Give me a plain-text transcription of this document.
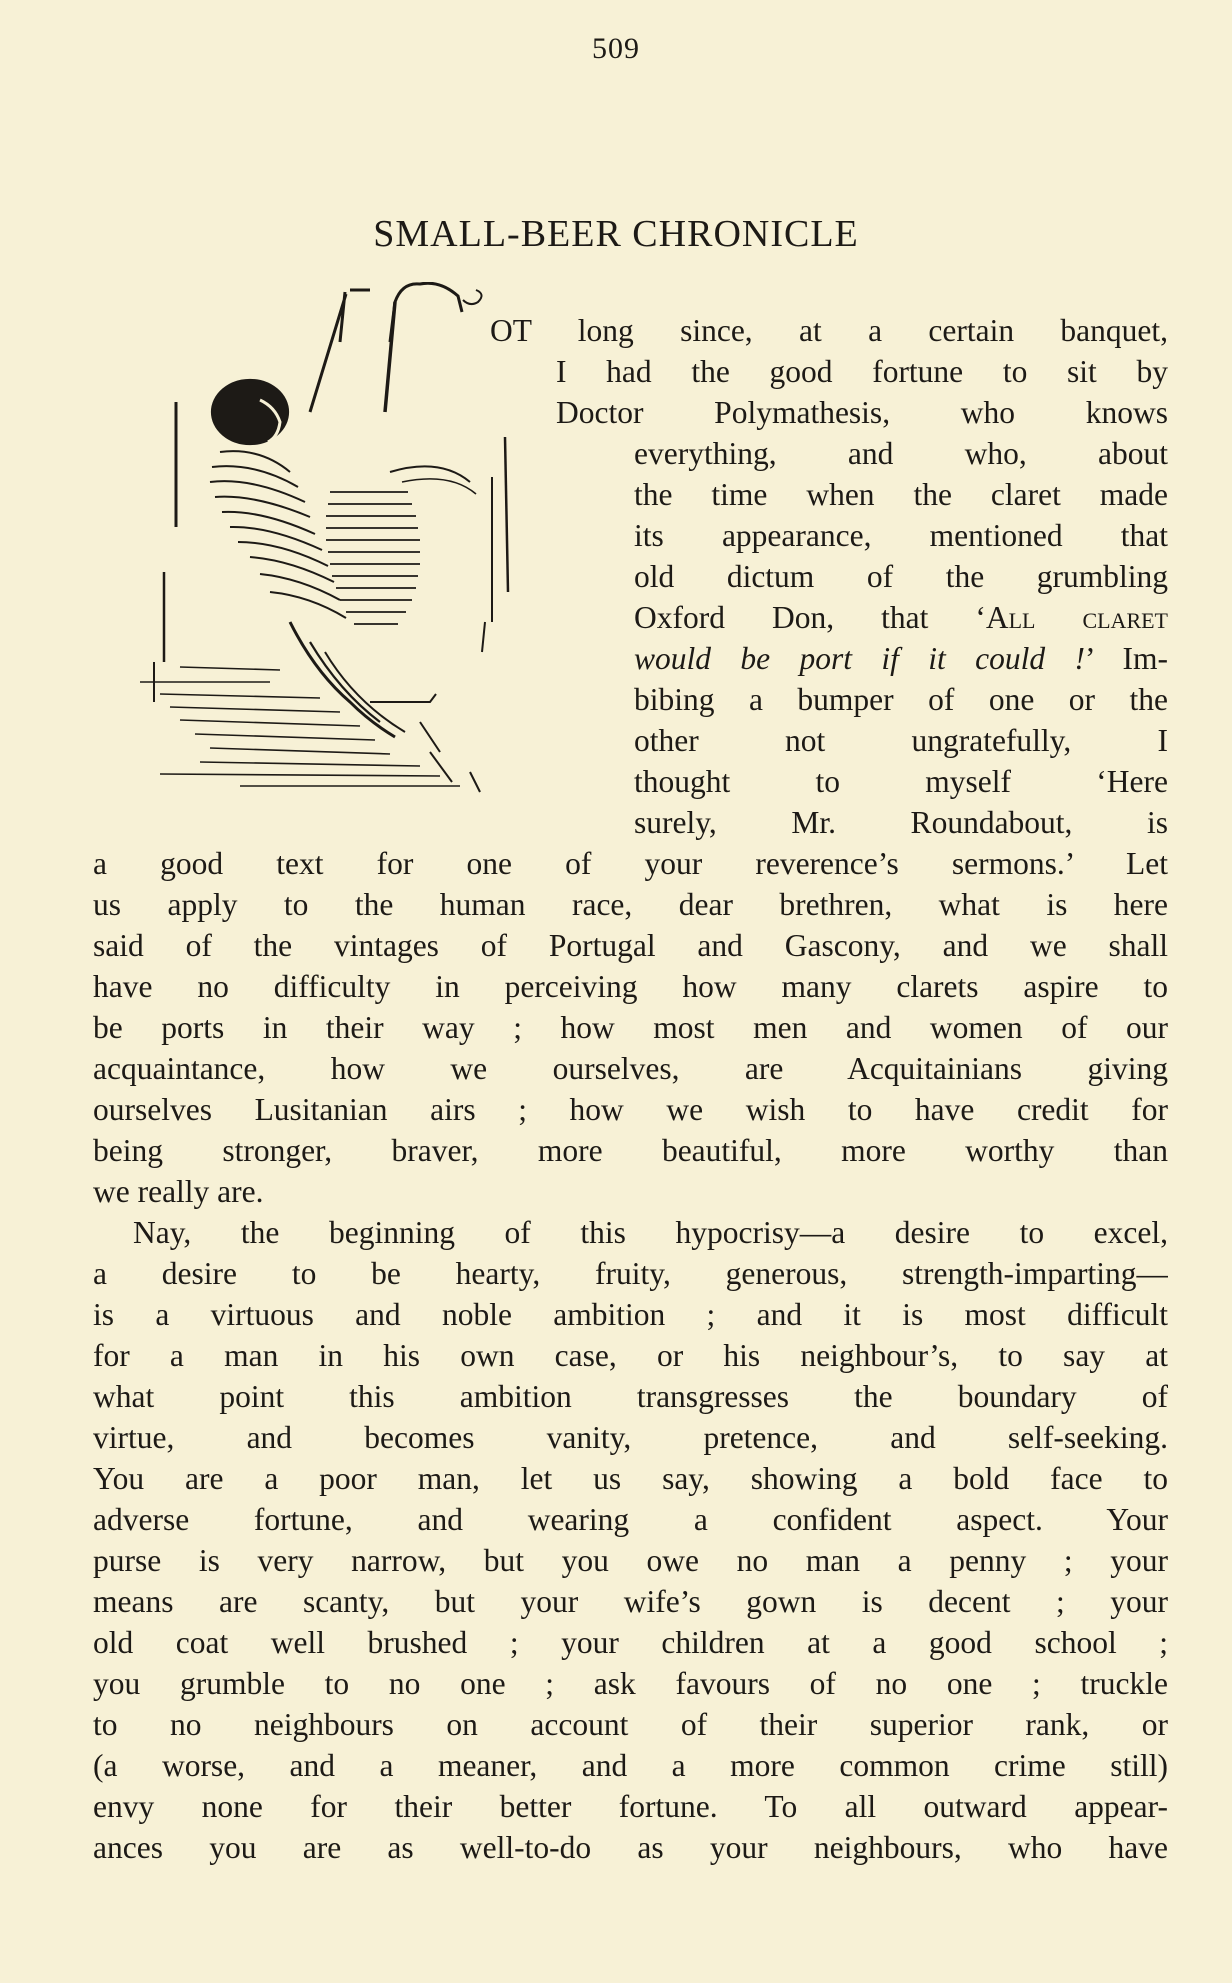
509
SMALL-BEER CHRONICLE
OT long since, at a certain banquet,
I had the good fortune to sit by
Doctor Polymathesis, who knows
everything, and who, about
the time when the claret made
its appearance, mentioned that
old dictum of the grumbling
Oxford Don, that ‘All claret
would be port if it could !’ Im-
bibing a bumper of one or the
other not ungratefully, I
thought to myself ‘Here
surely, Mr. Roundabout, is
a good text for one of your reverence’s sermons.’ Let
us apply to the human race, dear brethren, what is here
said of the vintages of Portugal and Gascony, and we shall
have no difficulty in perceiving how many clarets aspire to
be ports in their way ; how most men and women of our
acquaintance, how we ourselves, are Acquitainians giving
ourselves Lusitanian airs ; how we wish to have credit for
being stronger, braver, more beautiful, more worthy than
we really are.
Nay, the beginning of this hypocrisy—a desire to excel,
a desire to be hearty, fruity, generous, strength-imparting—
is a virtuous and noble ambition ; and it is most difficult
for a man in his own case, or his neighbour’s, to say at
what point this ambition transgresses the boundary of
virtue, and becomes vanity, pretence, and self-seeking.
You are a poor man, let us say, showing a bold face to
adverse fortune, and wearing a confident aspect. Your
purse is very narrow, but you owe no man a penny ; your
means are scanty, but your wife’s gown is decent ; your
old coat well brushed ; your children at a good school ;
you grumble to no one ; ask favours of no one ; truckle
to no neighbours on account of their superior rank, or
(a worse, and a meaner, and a more common crime still)
envy none for their better fortune. To all outward appear-
ances you are as well-to-do as your neighbours, who have
